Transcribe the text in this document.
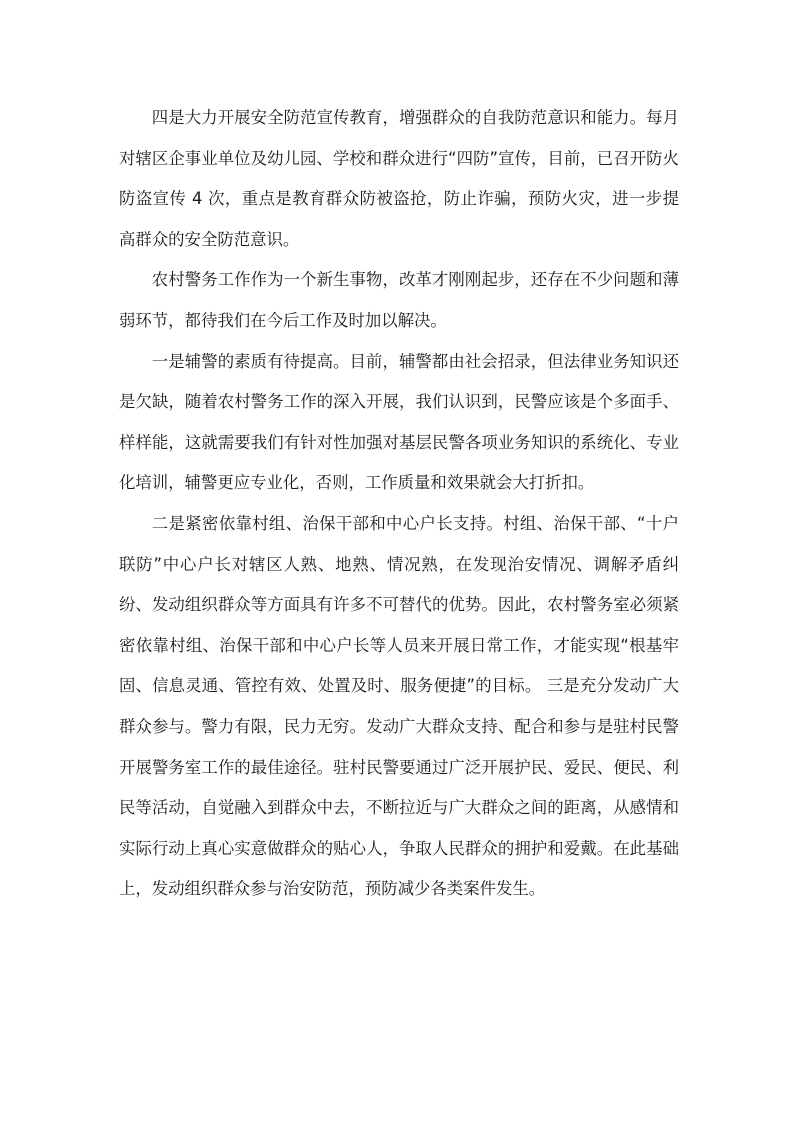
四是大力开展安全防范宣传教育，增强群众的自我防范意识和能力。每月对辖区企事业单位及幼儿园、学校和群众进行“四防”宣传，目前，已召开防火防盗宣传 4 次，重点是教育群众防被盗抢，防止诈骗，预防火灾，进一步提高群众的安全防范意识。

农村警务工作作为一个新生事物，改革才刚刚起步，还存在不少问题和薄弱环节，都待我们在今后工作及时加以解决。

一是辅警的素质有待提高。目前，辅警都由社会招录，但法律业务知识还是欠缺，随着农村警务工作的深入开展，我们认识到，民警应该是个多面手、样样能，这就需要我们有针对性加强对基层民警各项业务知识的系统化、专业化培训，辅警更应专业化，否则，工作质量和效果就会大打折扣。

二是紧密依靠村组、治保干部和中心户长支持。村组、治保干部、“十户联防”中心户长对辖区人熟、地熟、情况熟，在发现治安情况、调解矛盾纠纷、发动组织群众等方面具有许多不可替代的优势。因此，农村警务室必须紧密依靠村组、治保干部和中心户长等人员来开展日常工作，才能实现“根基牢固、信息灵通、管控有效、处置及时、服务便捷”的目标。 三是充分发动广大群众参与。警力有限，民力无穷。发动广大群众支持、配合和参与是驻村民警开展警务室工作的最佳途径。驻村民警要通过广泛开展护民、爱民、便民、利民等活动，自觉融入到群众中去，不断拉近与广大群众之间的距离，从感情和实际行动上真心实意做群众的贴心人，争取人民群众的拥护和爱戴。在此基础上，发动组织群众参与治安防范，预防减少各类案件发生。
